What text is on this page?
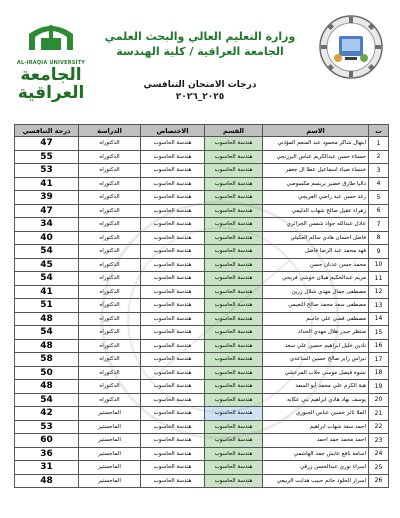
وزارة التعليم العالي والبحث العلمي
الجامعة العراقية / كلية الهندسة
درجات الامتحان التنافسي
٢٠٢٥_٢٠٢٦
AL-IRAQIA UNIVERSITY
الجامعة
العراقية
ت	الاسم	القسم	الاختصاص	الدراسة	درجة التنافسي
1	ابتهال شاكر محمود عبد المنعم المؤذني	هندسة الحاسوب	هندسة الحاسوب	الدكتوراه	47
2	حسناء حسن عبدالكريم عباس البرزنجي	هندسة الحاسوب	هندسة الحاسوب	الدكتوراه	55
3	خنساء ضياء اسماعيل عطا ال جعفر	هندسة الحاسوب	هندسة الحاسوب	الدكتوراه	53
4	داليا طارق خضير بريسم مكسوصي	هندسة الحاسوب	هندسة الحاسوب	الدكتوراه	41
5	رغد حسن عبد راضي الفريجي	هندسة الحاسوب	هندسة الحاسوب	الدكتوراه	39
6	زهراء عقيل صالح شهاب الدليمي	هندسة الحاسوب	هندسة الحاسوب	الدكتوراه	47
7	عادل عبدالله جواد شمس الجزائري	هندسة الحاسوب	هندسة الحاسوب	الدكتوراه	34
8	فاضل احسان هادي سالم العكيلي	هندسة الحاسوب	هندسة الحاسوب	الدكتوراه	40
9	فهد محمد عبد الرضا فاضل	هندسة الحاسوب	هندسة الحاسوب	الدكتوراه	54
10	محمد حسن عدنان حسن	هندسة الحاسوب	هندسة الحاسوب	الدكتوراه	45
11	مريم عبدالحكيم هيلان حوشي فريحي	هندسة الحاسوب	هندسة الحاسوب	الدكتوراه	54
12	مصطفى جمال مهدي شلال زرين	هندسة الحاسوب	هندسة الحاسوب	الدكتوراه	41
13	مصطفى سعد محمد صالح النعيمي	هندسة الحاسوب	هندسة الحاسوب	الدكتوراه	51
14	مصطفى قصي علي جاسم	هندسة الحاسوب	هندسة الحاسوب	الدكتوراه	48
15	منتظر حيدر هلال مهدي الحداد	هندسة الحاسوب	هندسة الحاسوب	الدكتوراه	54
16	نادين خليل ابراهيم حسين علي سعد	هندسة الحاسوب	هندسة الحاسوب	الدكتوراه	48
17	نبراس زاير صالح حسين الساعدي	هندسة الحاسوب	هندسة الحاسوب	الدكتوراه	58
18	نشوة فيصل موسى حلاب المرعشي	هندسة الحاسوب	هندسة الحاسوب	الدكتوراه	50
19	هبة الكرم علي محمد أبو السعد	هندسة الحاسوب	هندسة الحاسوب	الدكتوراه	48
20	يوسف نهاد هادي ابراهيم بني عكابه	هندسة الحاسوب	هندسة الحاسوب	الدكتوراه	54
21	الملا ثائر حسين عباس الجبوري	هندسة الحاسوب	هندسة الحاسوب	الماجستير	42
22	احمد سعد شهاب ابراهيم	هندسة الحاسوب	هندسة الحاسوب	الماجستير	53
23	احمد محمد حمد احمد	هندسة الحاسوب	هندسة الحاسوب	الماجستير	60
24	اسامة نافع عايش حمد الهاشمي	هندسة الحاسوب	هندسة الحاسوب	الماجستير	36
25	اسراء نوري عبدالحسن زرقي	هندسة الحاسوب	هندسة الحاسوب	الماجستير	31
26	اسرار الخلود حاتم حبيب هدايت الربيعي	هندسة الحاسوب	هندسة الحاسوب	الماجستير	48
